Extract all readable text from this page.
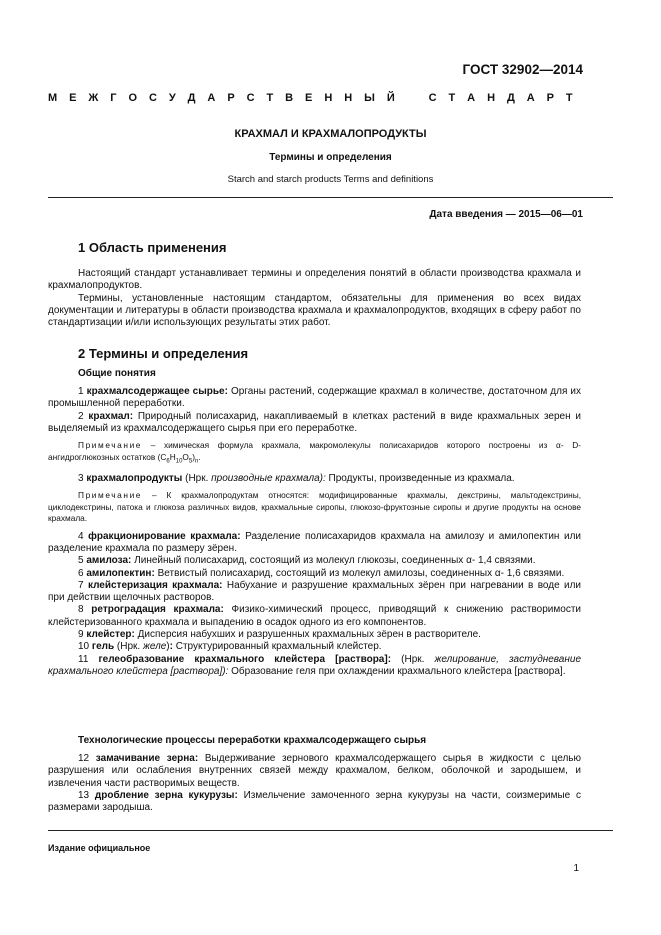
ГОСТ 32902—2014
М Е Ж Г О С У Д А Р С Т В Е Н Н Ы Й	С Т А Н Д А Р Т
КРАХМАЛ И КРАХМАЛОПРОДУКТЫ
Термины и определения
Starch and starch products Terms and definitions
Дата введения — 2015—06—01
1 Область применения

Настоящий стандарт устанавливает термины и определения понятий в области производства крахмала и крахмалопродуктов.

Термины, установленные настоящим стандартом, обязательны для применения во всех видах документации и литературы в области производства крахмала и крахмалопродуктов, входящих в сферу работ по стандартизации и/или использующих результаты этих работ.

2 Термины и определения
Общие понятия

1 крахмалсодержащее сырье: Органы растений, содержащие крахмал в количестве, достаточном для их промышленной переработки.

2 крахмал: Природный полисахарид, накапливаемый в клетках растений в виде крахмальных зерен и выделяемый из крахмалсодержащего сырья при его переработке.

Примечание – химическая формула крахмала, макромолекулы полисахаридов которого построены из α- D- ангидроглюкозных остатков $(C_6H_{10}O_5)_n$.

3 крахмалопродукты (Нрк. производные крахмала): Продукты, произведенные из крахмала.

Примечание – К крахмалопродуктам относятся: модифицированные крахмалы, декстрины, мальтодекстрины, циклодекстрины, патока и глюкоза различных видов, крахмальные сиропы, глюкозо-фруктозные сиропы и другие продукты на основе крахмала.

4 фракционирование крахмала: Разделение полисахаридов крахмала на амилозу и амилопектин или разделение крахмала по размеру зёрен.

5 амилоза: Линейный полисахарид, состоящий из молекул глюкозы, соединенных α- 1,4 связями.

6 амилопектин: Ветвистый полисахарид, состоящий из молекул амилозы, соединенных α- 1,6 связями.

7 клейстеризация крахмала: Набухание и разрушение крахмальных зёрен при нагревании в воде или при действии щелочных растворов.

8 ретроградация крахмала: Физико-химический процесс, приводящий к снижению растворимости клейстеризованного крахмала и выпадению в осадок одного из его компонентов.

9 клейстер: Дисперсия набухших и разрушенных крахмальных зёрен в растворителе.

10 гель (Нрк. желе): Структурированный крахмальный клейстер.

11 гелеобразование крахмального клейстера [раствора]: (Нрк. желирование, застудневание крахмального клейстера [раствора]): Образование геля при охлаждении крахмального клейстера [раствора].

Технологические процессы переработки крахмалсодержащего сырья

12 замачивание зерна: Выдерживание зернового крахмалсодержащего сырья в жидкости с целью разрушения или ослабления внутренних связей между крахмалом, белком, оболочкой и зародышем, и извлечения части растворимых веществ.

13 дробление зерна кукурузы: Измельчение замоченного зерна кукурузы на части, соизмеримые с размерами зародыша.

Издание официальное
1
